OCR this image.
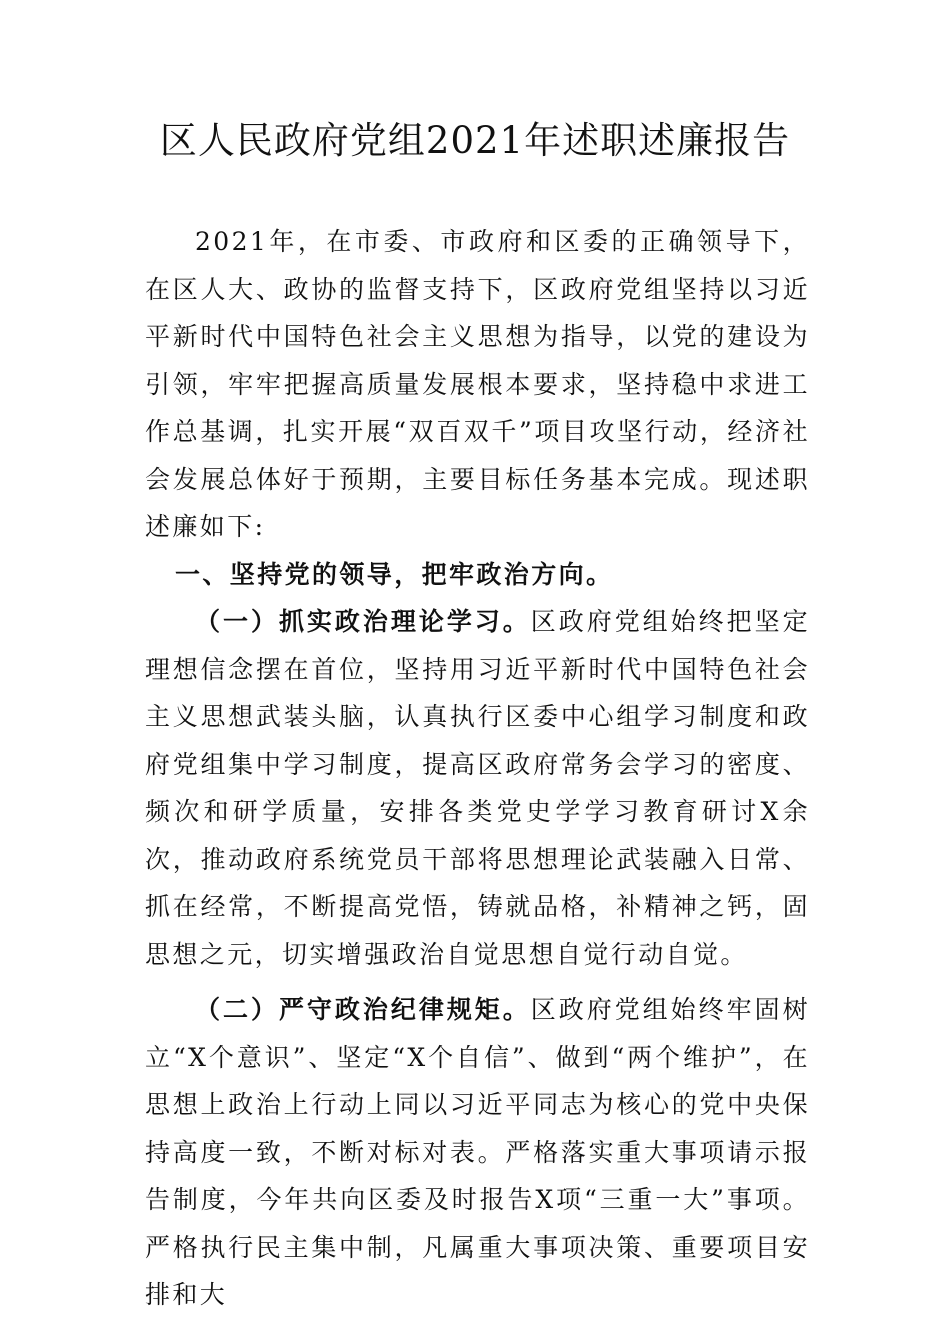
区人民政府党组2021年述职述廉报告

2021年，在市委、市政府和区委的正确领导下，在区人大、政协的监督支持下，区政府党组坚持以习近平新时代中国特色社会主义思想为指导，以党的建设为引领，牢牢把握高质量发展根本要求，坚持稳中求进工作总基调，扎实开展“双百双千”项目攻坚行动，经济社会发展总体好于预期，主要目标任务基本完成。现述职述廉如下:

一、坚持党的领导，把牢政治方向。

（一）抓实政治理论学习。区政府党组始终把坚定理想信念摆在首位，坚持用习近平新时代中国特色社会主义思想武装头脑，认真执行区委中心组学习制度和政府党组集中学习制度，提高区政府常务会学习的密度、频次和研学质量，安排各类党史学学习教育研讨X余次，推动政府系统党员干部将思想理论武装融入日常、抓在经常，不断提高党悟，铸就品格，补精神之钙，固思想之元，切实增强政治自觉思想自觉行动自觉。

（二）严守政治纪律规矩。区政府党组始终牢固树立“X个意识”、坚定“X个自信”、做到“两个维护”，在思想上政治上行动上同以习近平同志为核心的党中央保持高度一致，不断对标对表。严格落实重大事项请示报告制度，今年共向区委及时报告X项“三重一大”事项。严格执行民主集中制，凡属重大事项决策、重要项目安排和大
